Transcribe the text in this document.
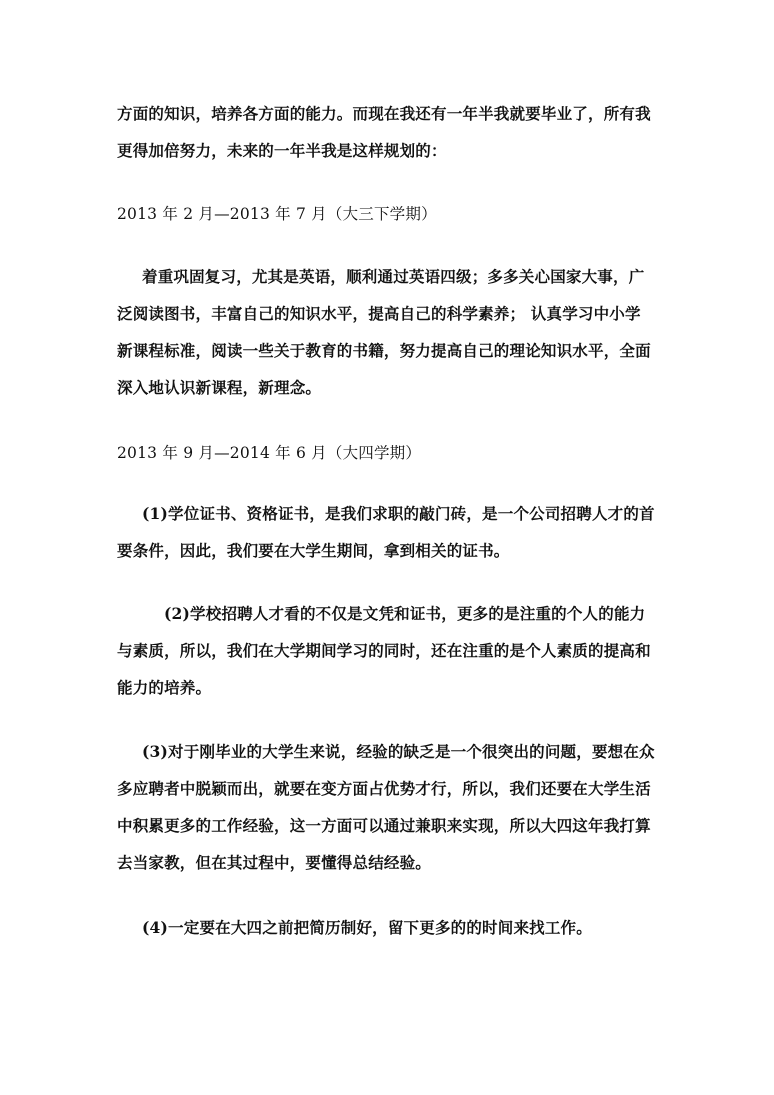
方面的知识，培养各方面的能力。而现在我还有一年半我就要毕业了，所有我
更得加倍努力，未来的一年半我是这样规划的：
2013 年 2 月—2013 年 7 月（大三下学期）
着重巩固复习，尤其是英语，顺利通过英语四级；多多关心国家大事，广
泛阅读图书，丰富自己的知识水平，提高自己的科学素养； 认真学习中小学
新课程标准，阅读一些关于教育的书籍，努力提高自己的理论知识水平，全面
深入地认识新课程，新理念。
2013 年 9 月—2014 年 6 月（大四学期）
(1)学位证书、资格证书，是我们求职的敲门砖，是一个公司招聘人才的首
要条件，因此，我们要在大学生期间，拿到相关的证书。
(2)学校招聘人才看的不仅是文凭和证书，更多的是注重的个人的能力
与素质，所以，我们在大学期间学习的同时，还在注重的是个人素质的提高和
能力的培养。
(3)对于刚毕业的大学生来说，经验的缺乏是一个很突出的问题，要想在众
多应聘者中脱颖而出，就要在变方面占优势才行，所以，我们还要在大学生活
中积累更多的工作经验，这一方面可以通过兼职来实现，所以大四这年我打算
去当家教，但在其过程中，要懂得总结经验。
(4)一定要在大四之前把简历制好，留下更多的的时间来找工作。
